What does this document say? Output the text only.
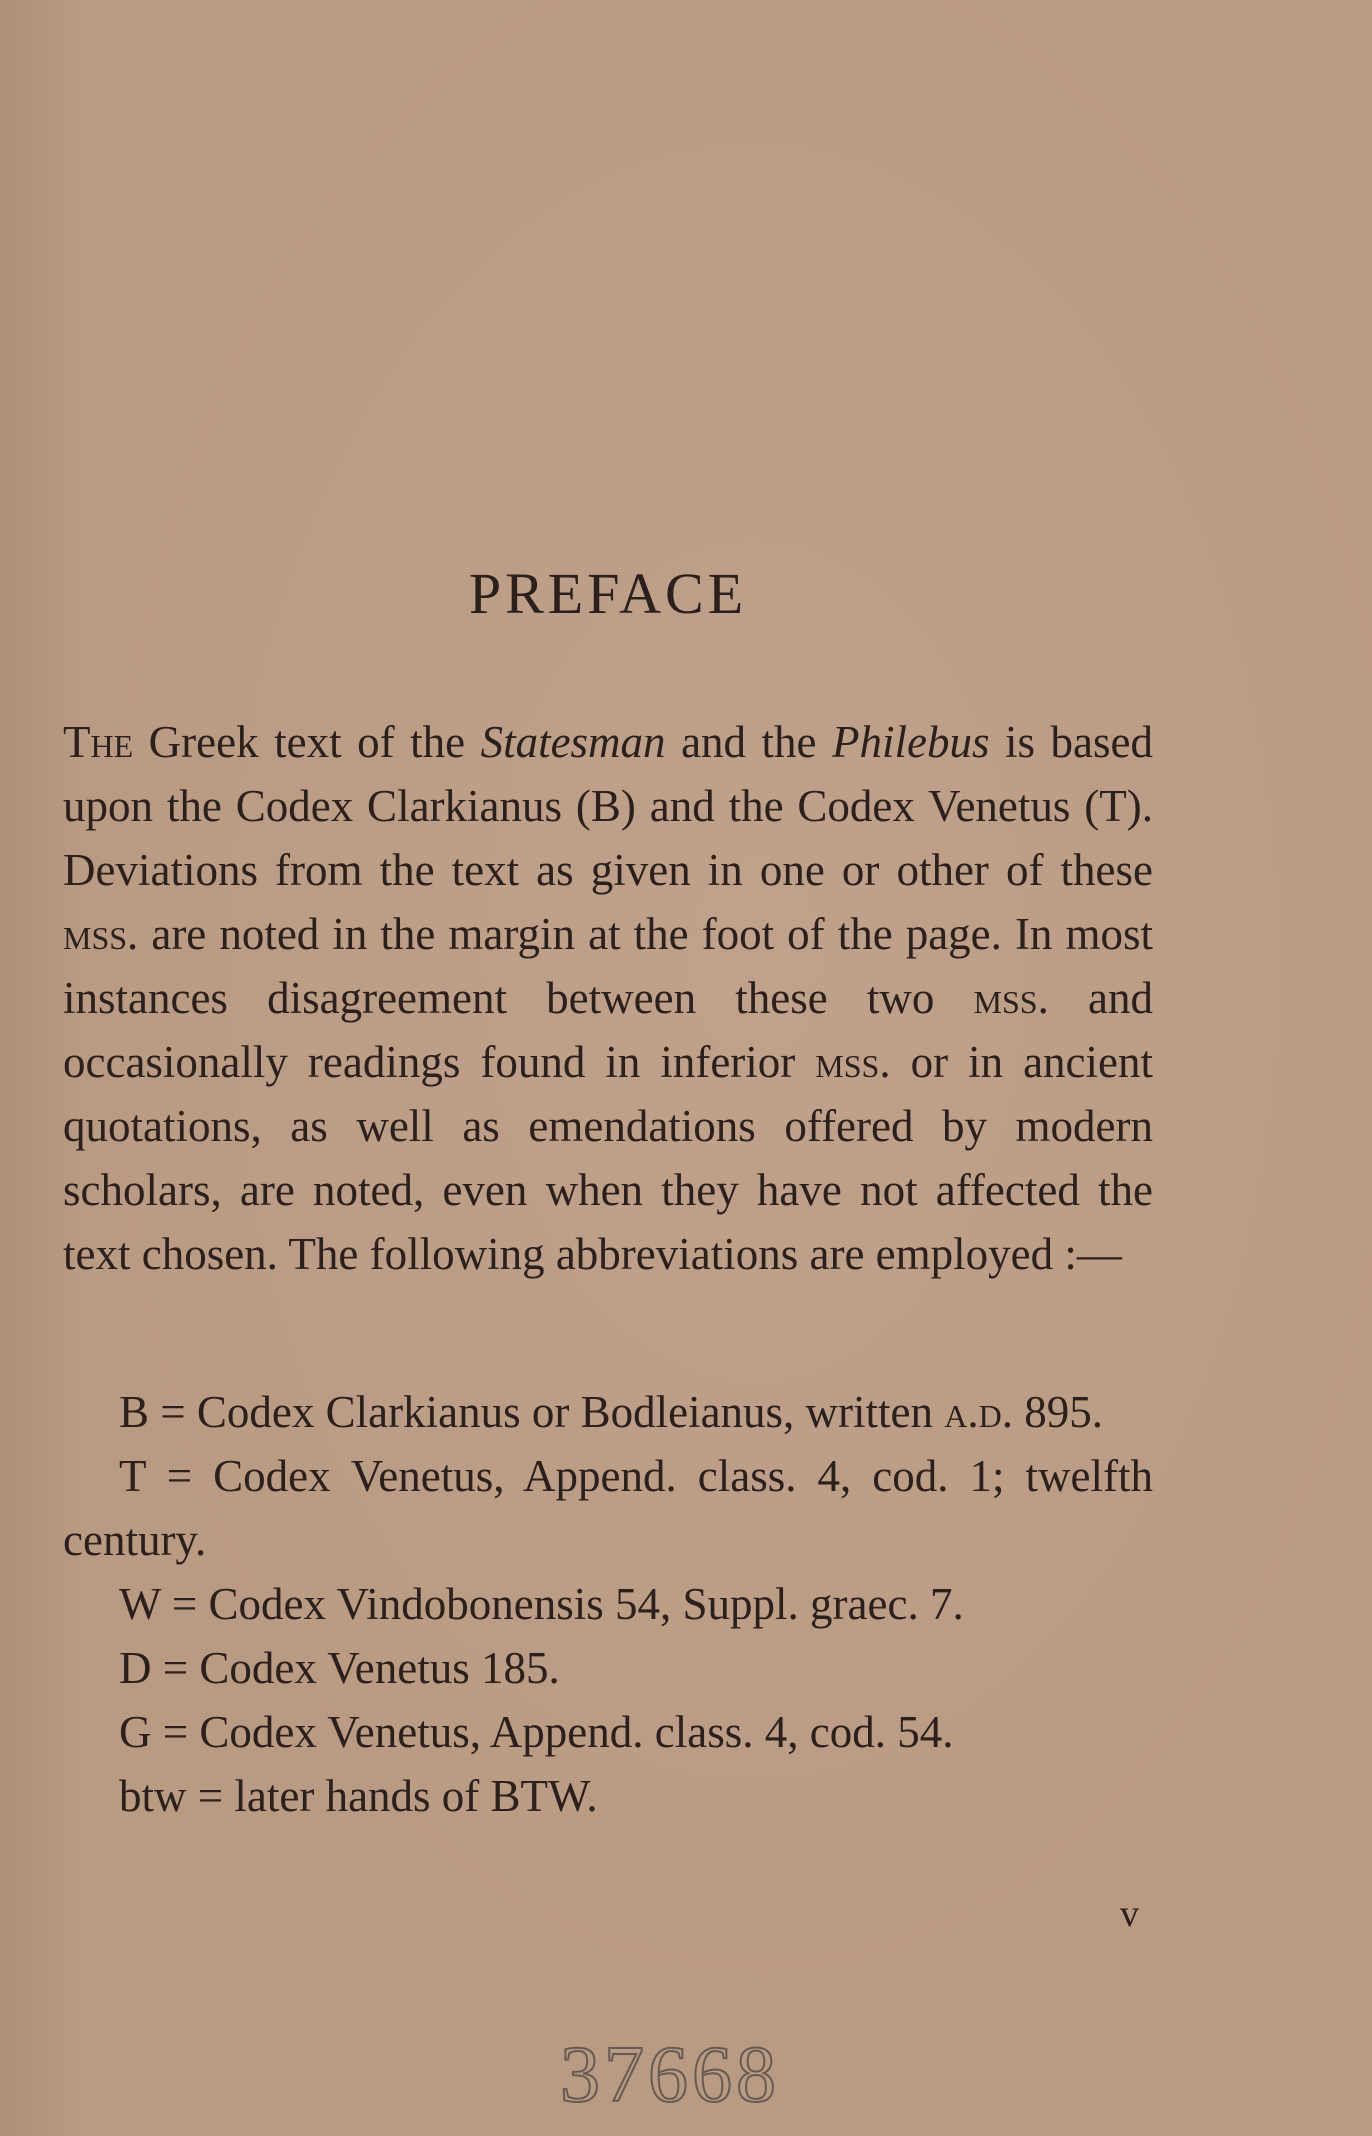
PREFACE
The Greek text of the Statesman and the Philebus is based upon the Codex Clarkianus (B) and the Codex Venetus (T). Deviations from the text as given in one or other of these mss. are noted in the margin at the foot of the page. In most instances disagreement between these two mss. and occasionally readings found in inferior mss. or in ancient quotations, as well as emendations offered by modern scholars, are noted, even when they have not affected the text chosen. The following abbreviations are employed :—
B = Codex Clarkianus or Bodleianus, written a.d. 895.
T = Codex Venetus, Append. class. 4, cod. 1; twelfth century.
W = Codex Vindobonensis 54, Suppl. graec. 7.
D = Codex Venetus 185.
G = Codex Venetus, Append. class. 4, cod. 54.
btw = later hands of BTW.
v
37668
